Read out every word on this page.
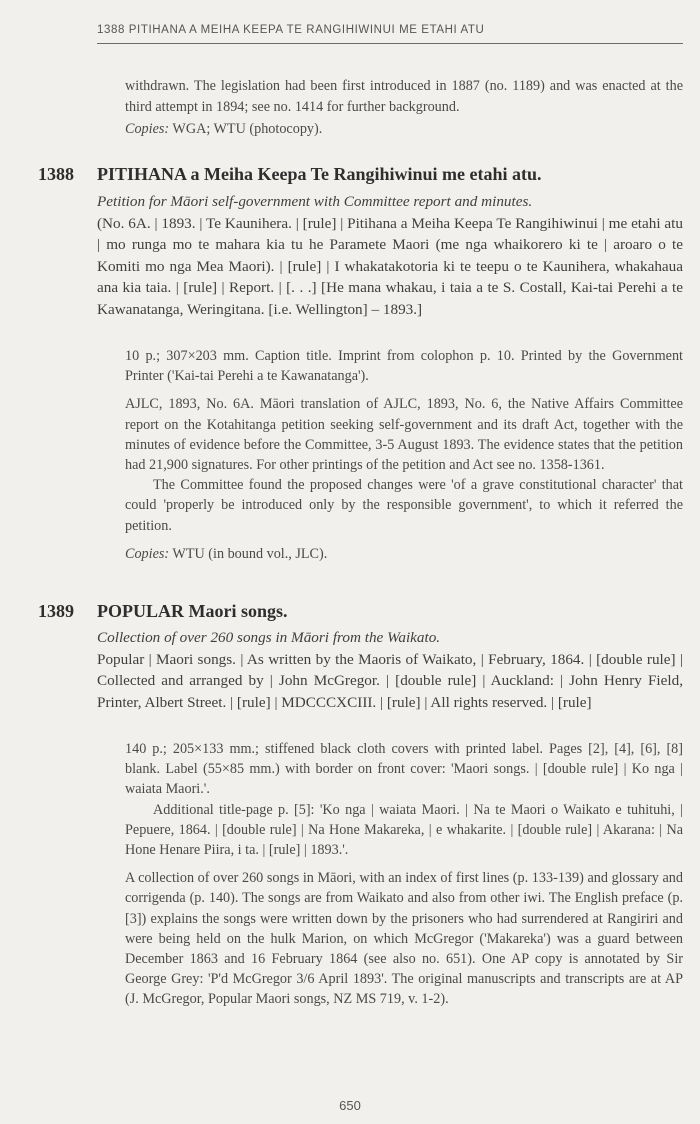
1388 PITIHANA A MEIHA KEEPA TE RANGIHIWINUI ME ETAHI ATU

withdrawn. The legislation had been first introduced in 1887 (no. 1189) and was enacted at the third attempt in 1894; see no. 1414 for further background.

Copies: WGA; WTU (photocopy).

1388 PITIHANA a Meiha Keepa Te Rangihiwinui me etahi atu.

Petition for Māori self-government with Committee report and minutes.

(No. 6A. | 1893. | Te Kaunihera. | [rule] | Pitihana a Meiha Keepa Te Rangihiwinui | me etahi atu | mo runga mo te mahara kia tu he Paramete Maori (me nga whaikorero ki te | aroaro o te Komiti mo nga Mea Maori). | [rule] | I whakatakotoria ki te teepu o te Kaunihera, whakahaua ana kia taia. | [rule] | Report. | [. . .] [He mana whakau, i taia a te S. Costall, Kai-tai Perehi a te Kawanatanga, Weringitana. [i.e. Wellington] – 1893.]

10 p.; 307×203 mm. Caption title. Imprint from colophon p. 10. Printed by the Government Printer ('Kai-tai Perehi a te Kawanatanga').

AJLC, 1893, No. 6A. Māori translation of AJLC, 1893, No. 6, the Native Affairs Committee report on the Kotahitanga petition seeking self-government and its draft Act, together with the minutes of evidence before the Committee, 3-5 August 1893. The evidence states that the petition had 21,900 signatures. For other printings of the petition and Act see no. 1358-1361.

The Committee found the proposed changes were 'of a grave constitutional character' that could 'properly be introduced only by the responsible government', to which it referred the petition.

Copies: WTU (in bound vol., JLC).

1389 POPULAR Maori songs.

Collection of over 260 songs in Māori from the Waikato.

Popular | Maori songs. | As written by the Maoris of Waikato, | February, 1864. | [double rule] | Collected and arranged by | John McGregor. | [double rule] | Auckland: | John Henry Field, Printer, Albert Street. | [rule] | MDCCCXCIII. | [rule] | All rights reserved. | [rule]

140 p.; 205×133 mm.; stiffened black cloth covers with printed label. Pages [2], [4], [6], [8] blank. Label (55×85 mm.) with border on front cover: 'Maori songs. | [double rule] | Ko nga | waiata Maori.'.

Additional title-page p. [5]: 'Ko nga | waiata Maori. | Na te Maori o Waikato e tuhituhi, | Pepuere, 1864. | [double rule] | Na Hone Makareka, | e whakarite. | [double rule] | Akarana: | Na Hone Henare Piira, i ta. | [rule] | 1893.'.

A collection of over 260 songs in Māori, with an index of first lines (p. 133-139) and glossary and corrigenda (p. 140). The songs are from Waikato and also from other iwi. The English preface (p. [3]) explains the songs were written down by the prisoners who had surrendered at Rangiriri and were being held on the hulk Marion, on which McGregor ('Makareka') was a guard between December 1863 and 16 February 1864 (see also no. 651). One AP copy is annotated by Sir George Grey: 'P'd McGregor 3/6 April 1893'. The original manuscripts and transcripts are at AP (J. McGregor, Popular Maori songs, NZ MS 719, v. 1-2).

650
